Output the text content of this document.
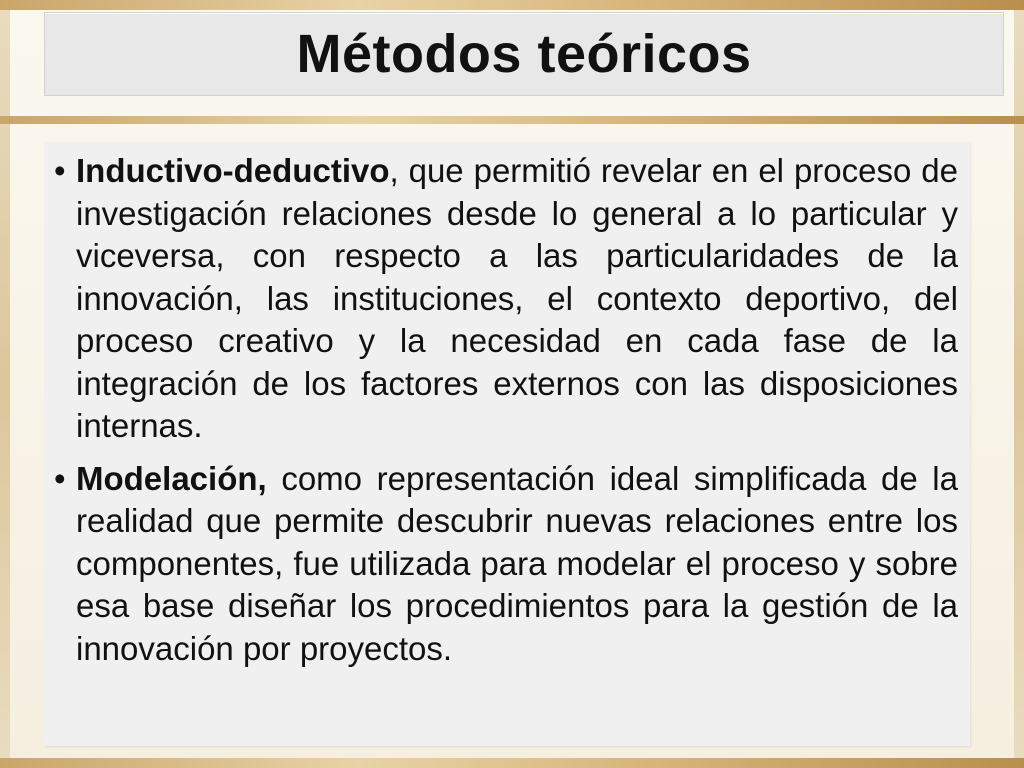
Métodos teóricos
• Inductivo-deductivo, que permitió revelar en el proceso de investigación relaciones desde lo general a lo particular y viceversa, con respecto a las particularidades de la innovación, las instituciones, el contexto deportivo, del proceso creativo y la necesidad en cada fase de la integración de los factores externos con las disposiciones internas.
• Modelación, como representación ideal simplificada de la realidad que permite descubrir nuevas relaciones entre los componentes, fue utilizada para modelar el proceso y sobre esa base diseñar los procedimientos para la gestión de la innovación por proyectos.
